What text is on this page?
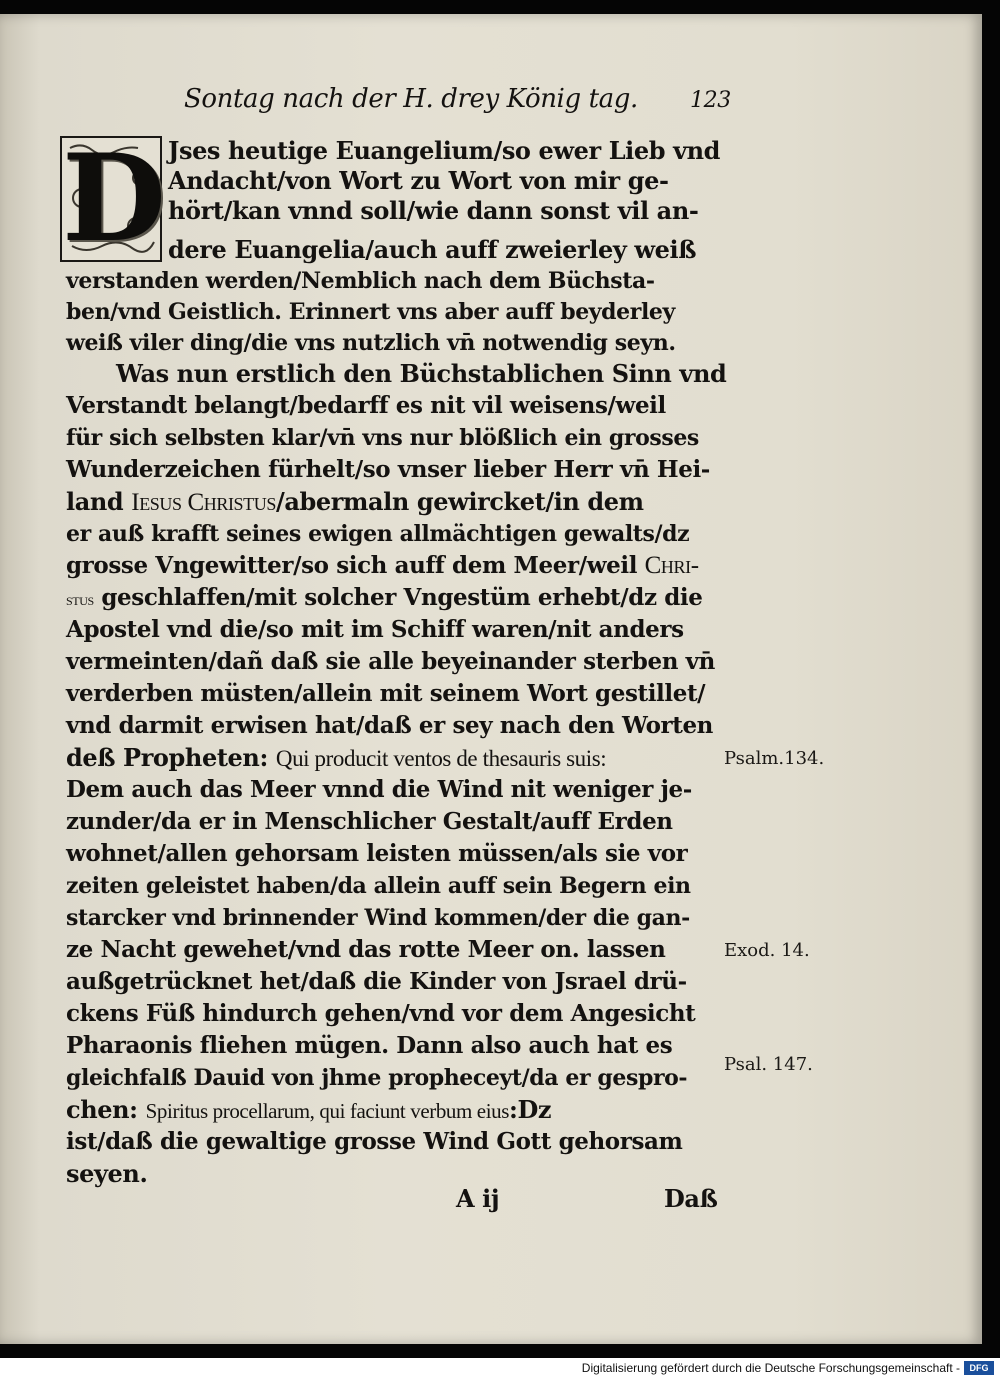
Sontag nach der H. drey König tag. 123
D Jses heutige Euangelium/so ewer Lieb vnd
Andacht/von Wort zu Wort von mir ge-
hört/kan vnnd soll/wie dann sonst vil an-
dere Euangelia/auch auff zweierley weiß
verstanden werden/Nemblich nach dem Büchsta-
ben/vnd Geistlich. Erinnert vns aber auff beyderley
weiß viler ding/die vns nutzlich vn̄ notwendig seyn.
Was nun erstlich den Büchstablichen Sinn vnd
Verstandt belangt/bedarff es nit vil weisens/weil
für sich selbsten klar/vn̄ vns nur blößlich ein grosses
Wunderzeichen fürhelt/so vnser lieber Herr vn̄ Hei-
land Iesus Christus/abermaln gewircket/in dem
er auß krafft seines ewigen allmächtigen gewalts/dz
grosse Vngewitter/so sich auff dem Meer/weil Chri-
stus geschlaffen/mit solcher Vngestüm erhebt/dz die
Apostel vnd die/so mit im Schiff waren/nit anders
vermeinten/dañ daß sie alle beyeinander sterben vn̄
verderben müsten/allein mit seinem Wort gestillet/
vnd darmit erwisen hat/daß er sey nach den Worten
deß Propheten: Qui producit ventos de thesauris suis:
Dem auch das Meer vnnd die Wind nit weniger je-
zunder/da er in Menschlicher Gestalt/auff Erden
wohnet/allen gehorsam leisten müssen/als sie vor
zeiten geleistet haben/da allein auff sein Begern ein
starcker vnd brinnender Wind kommen/der die gan-
ze Nacht gewehet/vnd das rotte Meer on. lassen
außgetrücknet het/daß die Kinder von Jsrael drü-
ckens Füß hindurch gehen/vnd vor dem Angesicht
Pharaonis fliehen mügen. Dann also auch hat es
gleichfalß Dauid von jhme propheceyt/da er gespro-
chen: Spiritus procellarum, qui faciunt verbum eius:Dz
ist/daß die gewaltige grosse Wind Gott gehorsam
seyen.
A ij	Daß
Psalm.134.
Exod. 14.
Psal. 147.
Digitalisierung gefördert durch die Deutsche Forschungsgemeinschaft -	DFG
